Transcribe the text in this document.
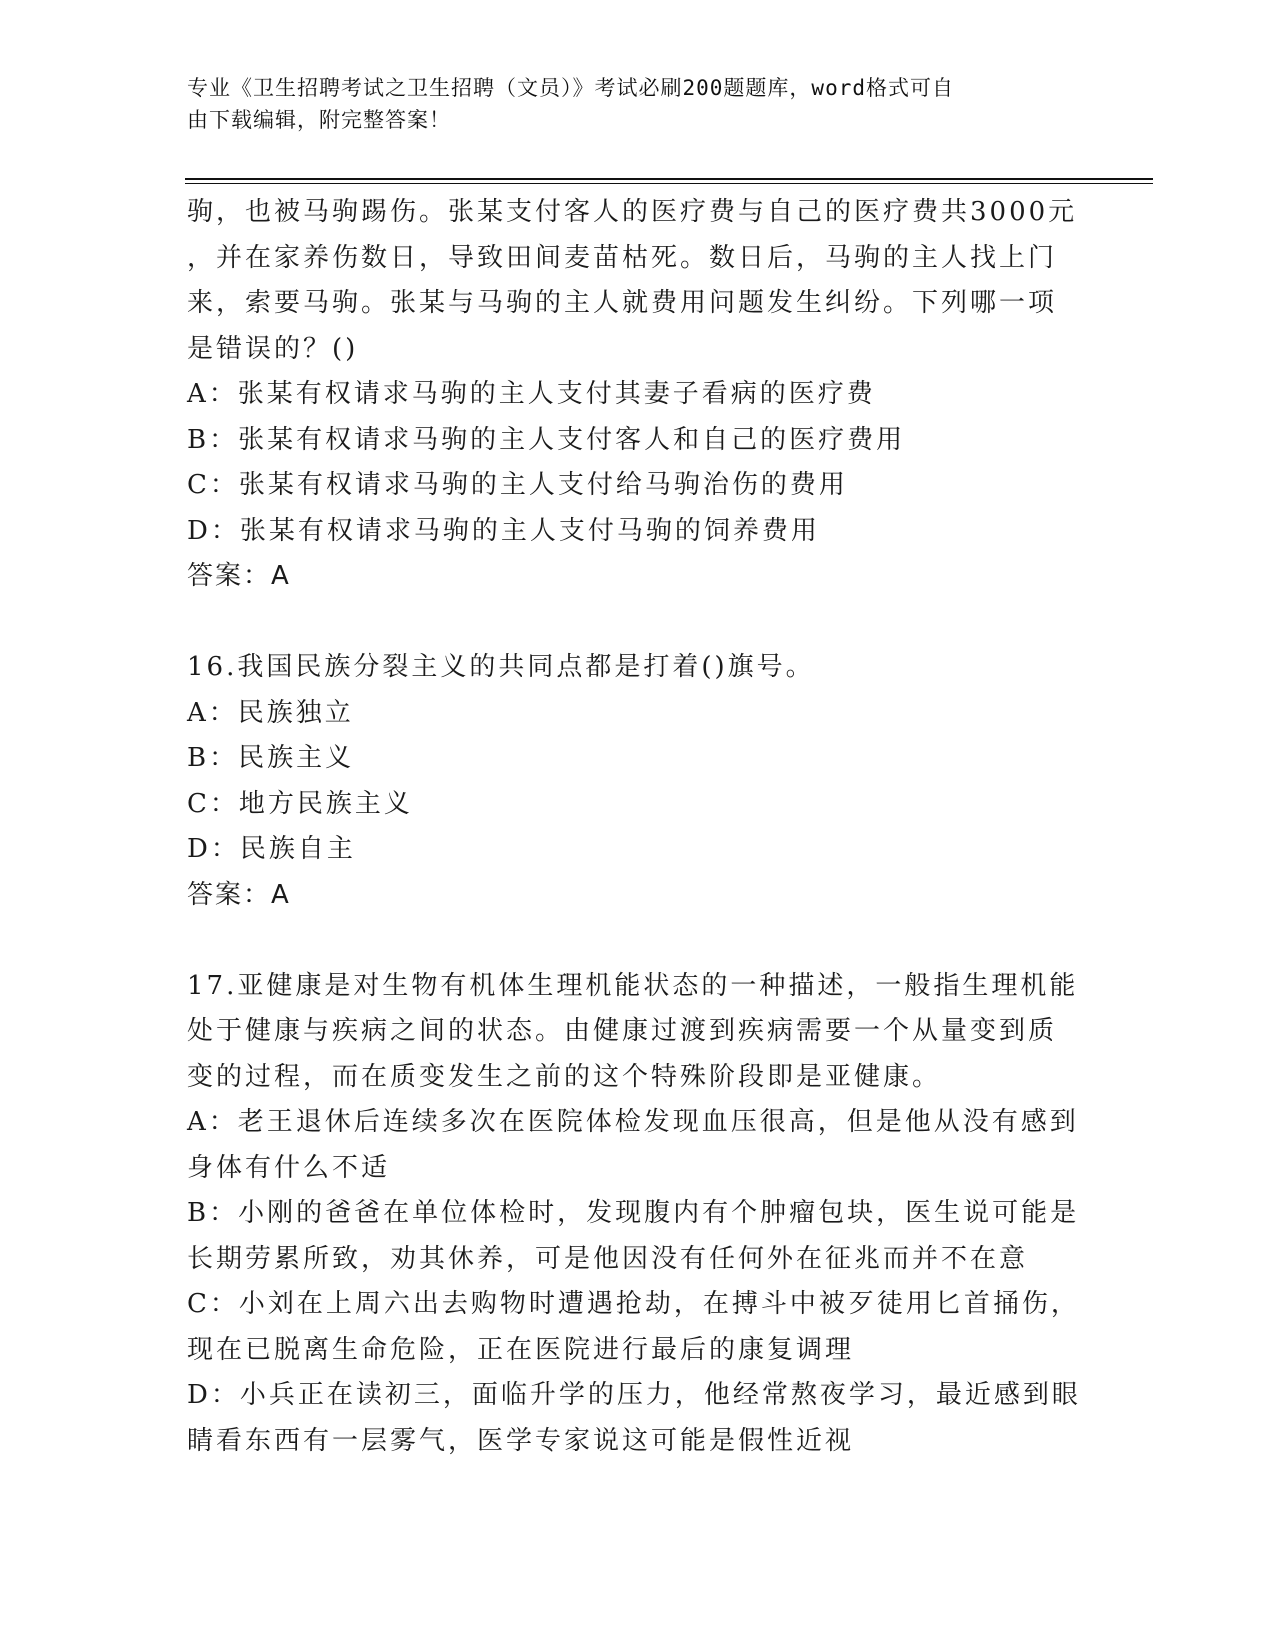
专业《卫生招聘考试之卫生招聘（文员）》考试必刷200题题库，word格式可自
由下载编辑，附完整答案！
驹，也被马驹踢伤。张某支付客人的医疗费与自己的医疗费共3000元
，并在家养伤数日，导致田间麦苗枯死。数日后，马驹的主人找上门
来，索要马驹。张某与马驹的主人就费用问题发生纠纷。下列哪一项
是错误的？()
A：张某有权请求马驹的主人支付其妻子看病的医疗费
B：张某有权请求马驹的主人支付客人和自己的医疗费用
C：张某有权请求马驹的主人支付给马驹治伤的费用
D：张某有权请求马驹的主人支付马驹的饲养费用
答案：A
16.我国民族分裂主义的共同点都是打着()旗号。
A：民族独立
B：民族主义
C：地方民族主义
D：民族自主
答案：A
17.亚健康是对生物有机体生理机能状态的一种描述，一般指生理机能
处于健康与疾病之间的状态。由健康过渡到疾病需要一个从量变到质
变的过程，而在质变发生之前的这个特殊阶段即是亚健康。
A：老王退休后连续多次在医院体检发现血压很高，但是他从没有感到
身体有什么不适
B：小刚的爸爸在单位体检时，发现腹内有个肿瘤包块，医生说可能是
长期劳累所致，劝其休养，可是他因没有任何外在征兆而并不在意
C：小刘在上周六出去购物时遭遇抢劫，在搏斗中被歹徒用匕首捅伤，
现在已脱离生命危险，正在医院进行最后的康复调理
D：小兵正在读初三，面临升学的压力，他经常熬夜学习，最近感到眼
睛看东西有一层雾气，医学专家说这可能是假性近视
